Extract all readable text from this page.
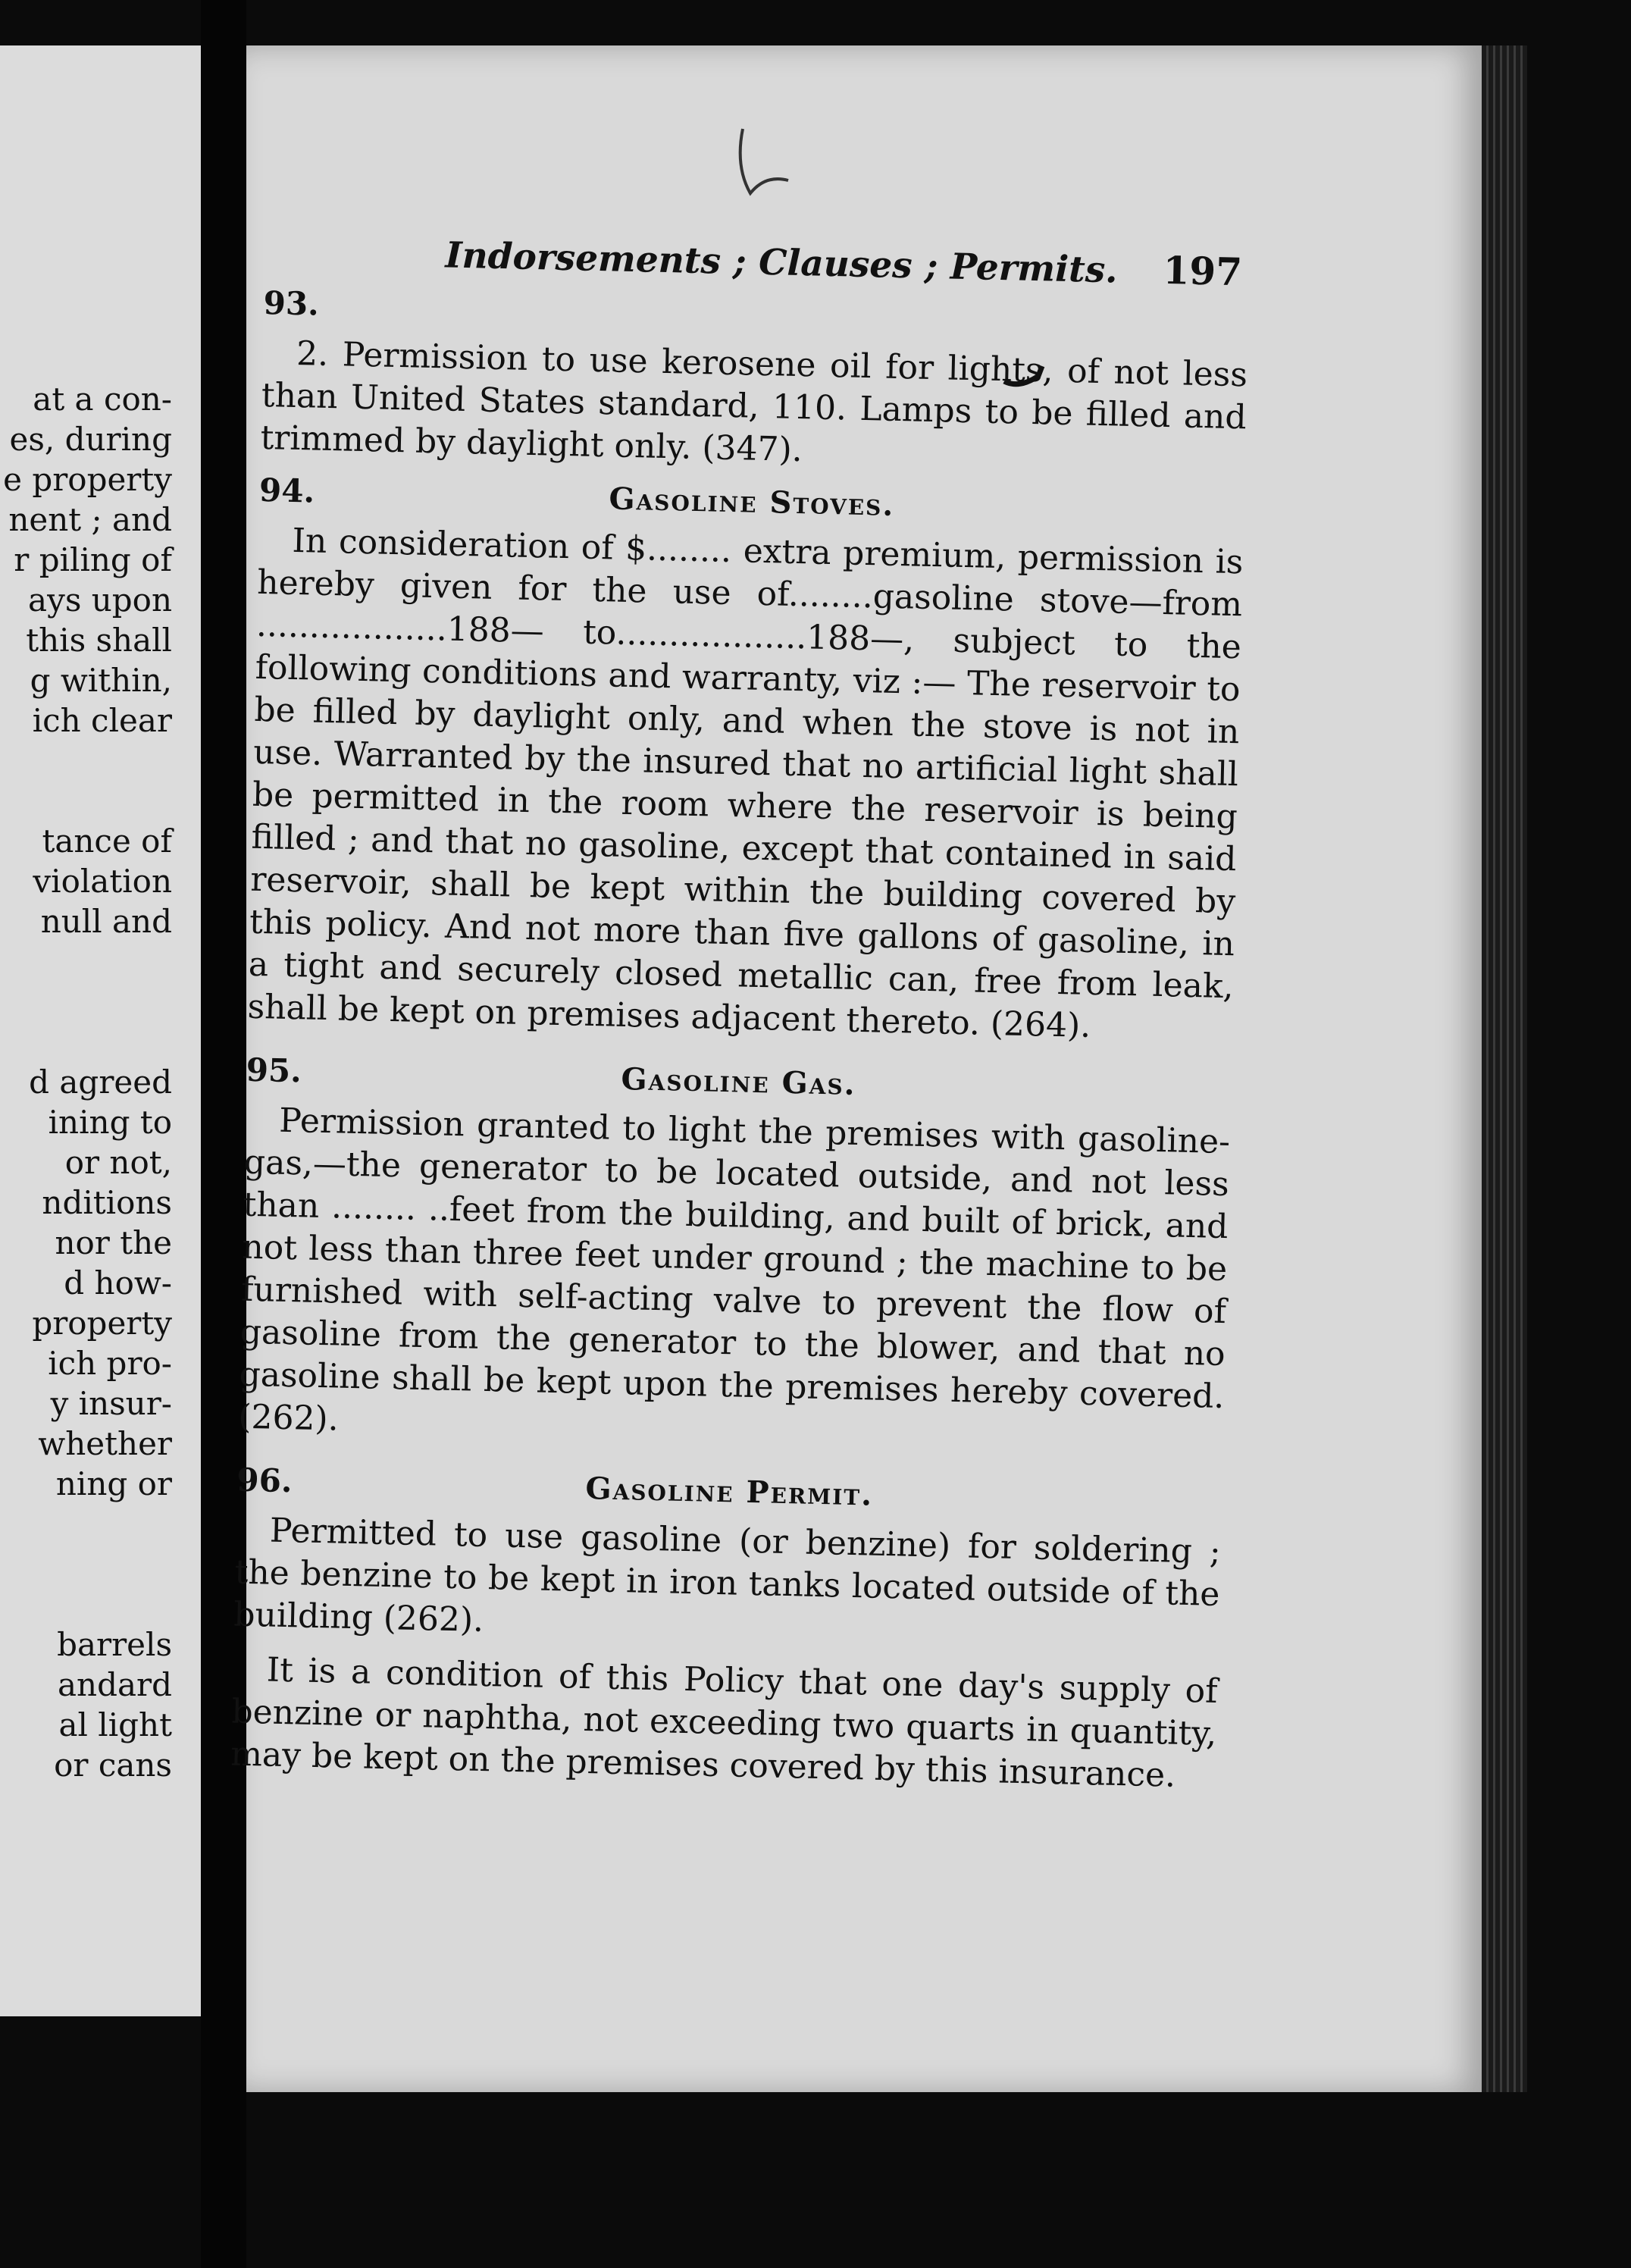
at a con-
es, during
e property
nent ; and
r piling of
ays upon
this shall
g within,
ich clear
tance of
violation
null and
d agreed
ining to
or not,
nditions
nor the
d how-
property
ich pro-
y insur-
whether
ning or
barrels
andard
al light
or cans
Indorsements ; Clauses ; Permits. 197
93.

2. Permission to use kerosene oil for lights, of not less than United States standard, 110. Lamps to be filled and trimmed by daylight only. (347).

94.	Gasoline Stoves.

In consideration of $........ extra premium, permission is hereby given for the use of........gasoline stove—from ..................188— to..................188—, subject to the following conditions and warranty, viz :— The reservoir to be filled by daylight only, and when the stove is not in use. Warranted by the insured that no artificial light shall be permitted in the room where the reservoir is being filled ; and that no gasoline, except that contained in said reservoir, shall be kept within the building covered by this policy. And not more than five gallons of gasoline, in a tight and securely closed metallic can, free from leak, shall be kept on premises adjacent thereto. (264).

95.	Gasoline Gas.

Permission granted to light the premises with gasoline-gas,—the generator to be located outside, and not less than ........ ..feet from the building, and built of brick, and not less than three feet under ground ; the machine to be furnished with self-acting valve to prevent the flow of gasoline from the generator to the blower, and that no gasoline shall be kept upon the premises hereby covered. (262).

96.	Gasoline Permit.

Permitted to use gasoline (or benzine) for soldering ; the benzine to be kept in iron tanks located outside of the building (262).

It is a condition of this Policy that one day's supply of benzine or naphtha, not exceeding two quarts in quantity, may be kept on the premises covered by this insurance.
